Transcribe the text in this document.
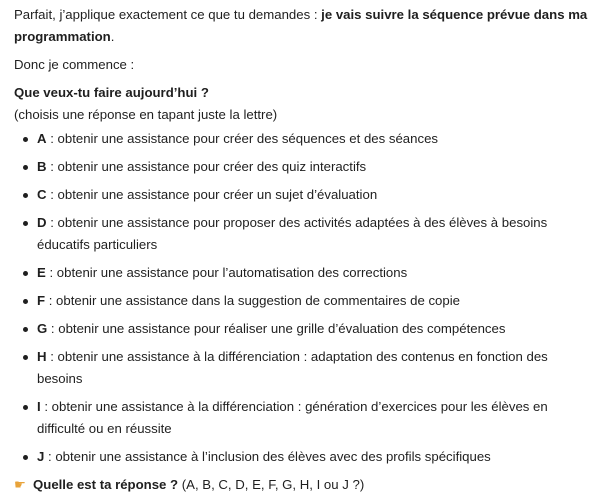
Parfait, j’applique exactement ce que tu demandes : je vais suivre la séquence prévue dans ma programmation.

Donc je commence :

Que veux-tu faire aujourd’hui ?

(choisis une réponse en tapant juste la lettre)

A : obtenir une assistance pour créer des séquences et des séances
B : obtenir une assistance pour créer des quiz interactifs
C : obtenir une assistance pour créer un sujet d’évaluation
D : obtenir une assistance pour proposer des activités adaptées à des élèves à besoins éducatifs particuliers
E : obtenir une assistance pour l’automatisation des corrections
F : obtenir une assistance dans la suggestion de commentaires de copie
G : obtenir une assistance pour réaliser une grille d’évaluation des compétences
H : obtenir une assistance à la différenciation : adaptation des contenus en fonction des besoins
I : obtenir une assistance à la différenciation : génération d’exercices pour les élèves en difficulté ou en réussite
J : obtenir une assistance à l’inclusion des élèves avec des profils spécifiques

☛ Quelle est ta réponse ? (A, B, C, D, E, F, G, H, I ou J ?)
